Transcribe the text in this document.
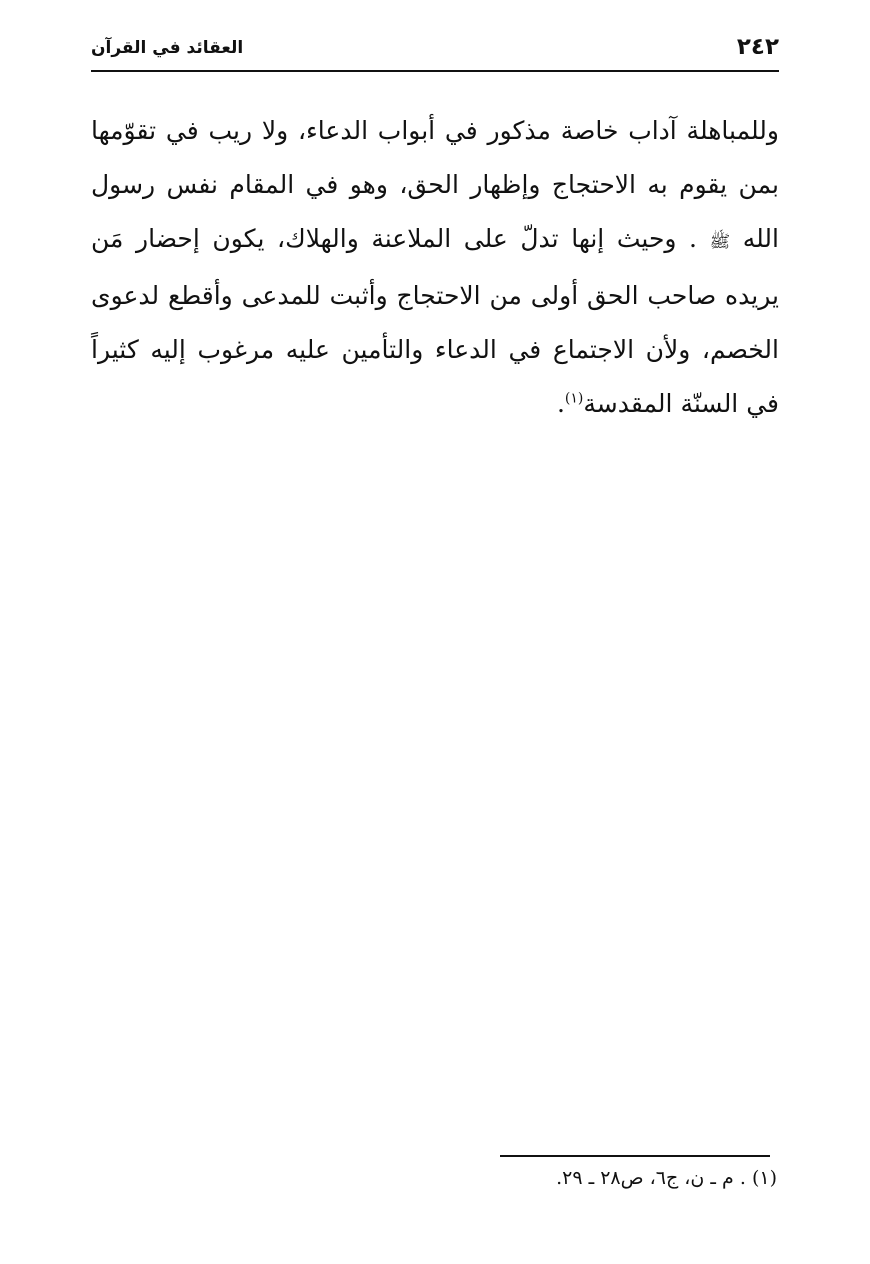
٢٤٢
العقائد في القرآن

وللمباهلة آداب خاصة مذكور في أبواب الدعاء، ولا ريب في تقوّمها بمن يقوم به الاحتجاج وإظهار الحق، وهو في المقام نفس رسول الله ﷺ . وحيث إنها تدلّ على الملاعنة والهلاك، يكون إحضار مَن يريده صاحب الحق أولى من الاحتجاج وأثبت للمدعى وأقطع لدعوى الخصم، ولأن الاجتماع في الدعاء والتأمين عليه مرغوب إليه كثيراً في السنّة المقدسة$^{(١)}$.

(١) . م ـ ن، ج٦، ص٢٨ ـ ٢٩.
